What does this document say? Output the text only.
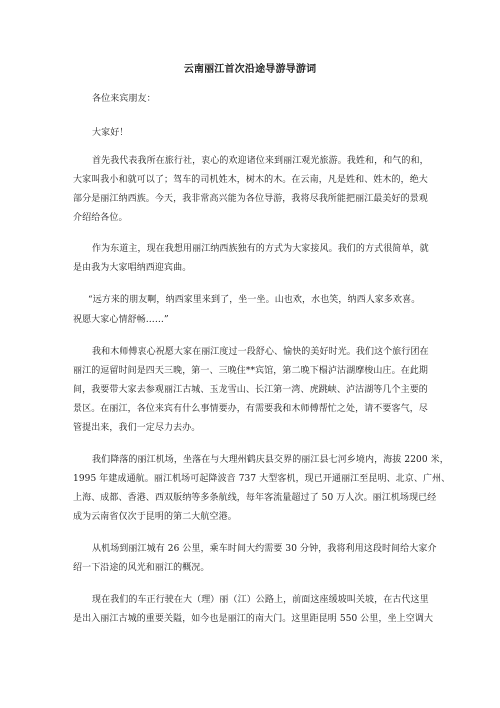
云南丽江首次沿途导游导游词
各位来宾朋友：
大家好！
首先我代表我所在旅行社，衷心的欢迎诸位来到丽江观光旅游。我姓和，和气的和，
大家叫我小和就可以了；驾车的司机姓木，树木的木。在云南，凡是姓和、姓木的，绝大
部分是丽江纳西族。今天，我非常高兴能为各位导游，我将尽我所能把丽江最美好的景观
介绍给各位。
作为东道主，现在我想用丽江纳西族独有的方式为大家接风。我们的方式很简单，就
是由我为大家唱纳西迎宾曲。
“远方来的朋友啊，纳西家里来到了，坐一坐。山也欢，水也笑，纳西人家多欢喜。
祝愿大家心情舒畅……”
我和木师傅衷心祝愿大家在丽江度过一段舒心、愉快的美好时光。我们这个旅行团在
丽江的逗留时间是四天三晚，第一、三晚住**宾馆，第二晚下榻泸沽湖摩梭山庄。在此期
间，我要带大家去参观丽江古城、玉龙雪山、长江第一湾、虎跳峡、泸沽湖等几个主要的
景区。在丽江，各位来宾有什么事情要办，有需要我和木师傅帮忙之处，请不要客气，尽
管提出来，我们一定尽力去办。
我们降落的丽江机场，坐落在与大理州鹤庆县交界的丽江县七河乡境内，海拔 2200 米，
1995 年建成通航。丽江机场可起降波音 737 大型客机，现已开通丽江至昆明、北京、广州、
上海、成都、香港、西双版纳等多条航线，每年客流量超过了 50 万人次。丽江机场现已经
成为云南省仅次于昆明的第二大航空港。
从机场到丽江城有 26 公里，乘车时间大约需要 30 分钟，我将利用这段时间给大家介
绍一下沿途的风光和丽江的概况。
现在我们的车正行驶在大（理）丽（江）公路上，前面这座缓坡叫关坡，在古代这里
是出入丽江古城的重要关隘，如今也是丽江的南大门。这里距昆明 550 公里，坐上空调大
